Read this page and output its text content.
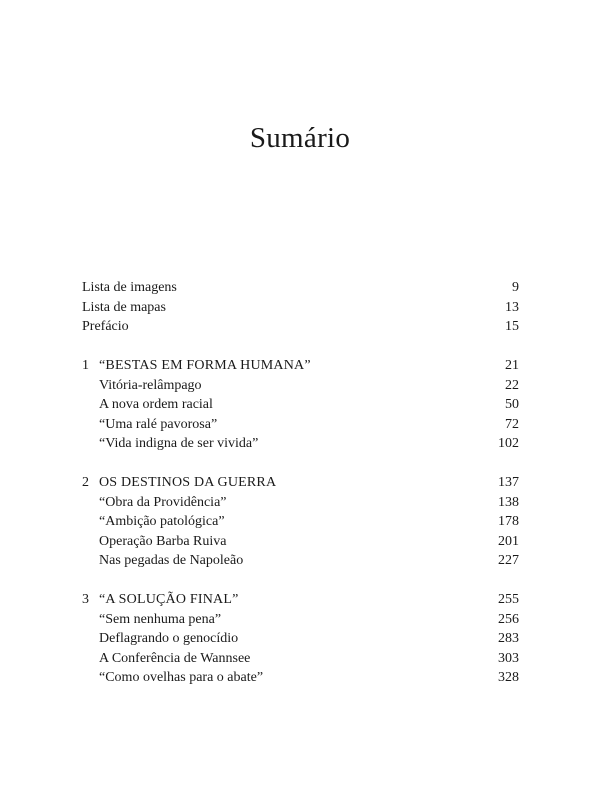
Sumário
Lista de imagens	9
Lista de mapas	13
Prefácio	15
1 “BESTAS EM FORMA HUMANA”	21
Vitória-relâmpago	22
A nova ordem racial	50
“Uma ralé pavorosa”	72
“Vida indigna de ser vivida”	102
2 OS DESTINOS DA GUERRA	137
“Obra da Providência”	138
“Ambição patológica”	178
Operação Barba Ruiva	201
Nas pegadas de Napoleão	227
3 “A SOLUÇÃO FINAL”	255
“Sem nenhuma pena”	256
Deflagrando o genocídio	283
A Conferência de Wannsee	303
“Como ovelhas para o abate”	328
